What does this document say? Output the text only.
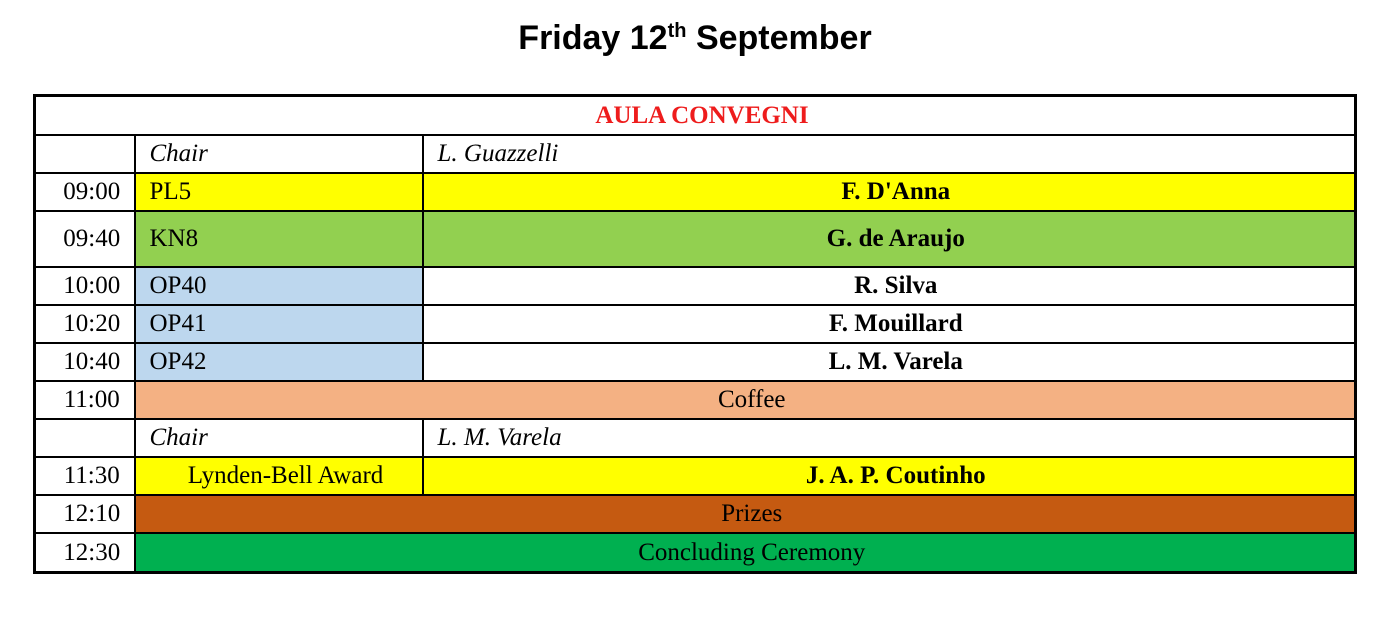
Friday 12th September
AULA CONVEGNI		
	Chair	L. Guazzelli
09:00	PL5	F. D'Anna
09:40	KN8	G. de Araujo
10:00	OP40	R. Silva
10:20	OP41	F. Mouillard
10:40	OP42	L. M. Varela
11:00	Coffee	
	Chair	L. M. Varela
11:30	Lynden-Bell Award	J. A. P. Coutinho
12:10	Prizes	
12:30	Concluding Ceremony	
